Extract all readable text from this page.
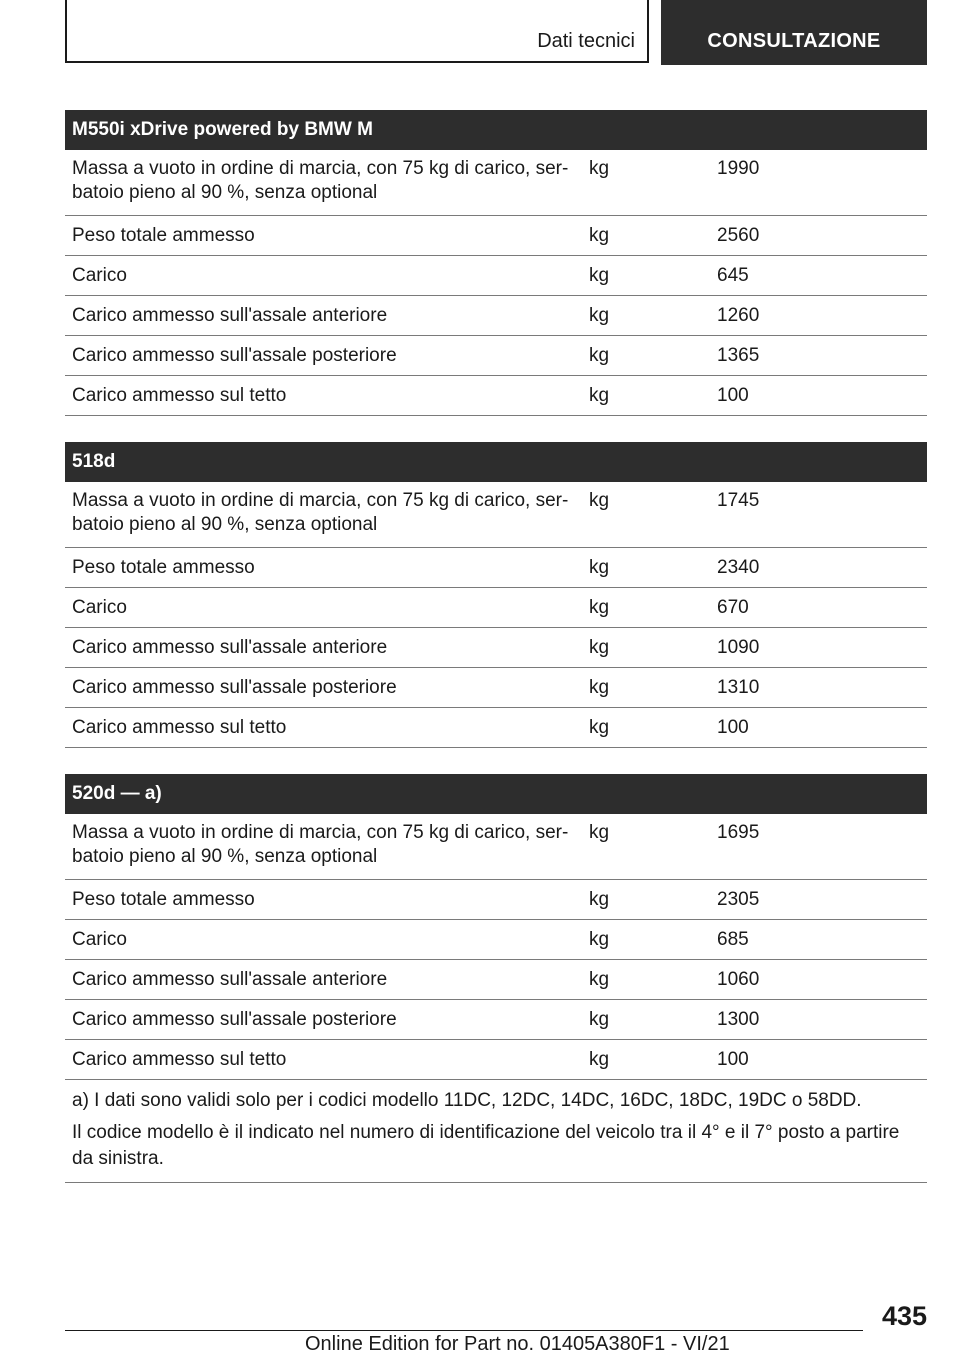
Dati tecnici	CONSULTAZIONE
M550i xDrive powered by BMW M
Massa a vuoto in ordine di marcia, con 75 kg di carico, ser-
batoio pieno al 90 %, senza optional
kg	1990
Peso totale ammesso	kg	2560
Carico	kg	645
Carico ammesso sull'assale anteriore	kg	1260
Carico ammesso sull'assale posteriore	kg	1365
Carico ammesso sul tetto	kg	100
518d
Massa a vuoto in ordine di marcia, con 75 kg di carico, ser-
batoio pieno al 90 %, senza optional
kg	1745
Peso totale ammesso	kg	2340
Carico	kg	670
Carico ammesso sull'assale anteriore	kg	1090
Carico ammesso sull'assale posteriore	kg	1310
Carico ammesso sul tetto	kg	100
520d — a)
Massa a vuoto in ordine di marcia, con 75 kg di carico, ser-
batoio pieno al 90 %, senza optional
kg	1695
Peso totale ammesso	kg	2305
Carico	kg	685
Carico ammesso sull'assale anteriore	kg	1060
Carico ammesso sull'assale posteriore	kg	1300
Carico ammesso sul tetto	kg	100

a) I dati sono validi solo per i codici modello 11DC, 12DC, 14DC, 16DC, 18DC, 19DC o 58DD.

Il codice modello è il indicato nel numero di identificazione del veicolo tra il 4° e il 7° posto a partire da sinistra.

435
Online Edition for Part no. 01405A380F1 - VI/21
